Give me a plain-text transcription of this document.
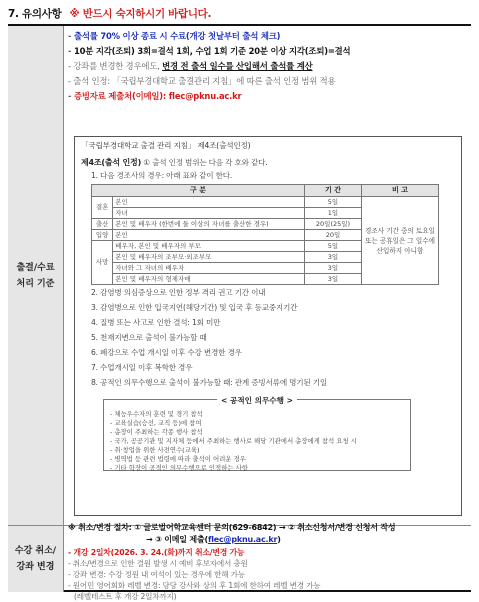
7. 유의사항 ※ 반드시 숙지하시기 바랍니다.
출결/수료
처리 기준
- 출석률 70% 이상 종료 시 수료(개강 첫날부터 출석 체크)
- 10분 지각(조퇴) 3회=결석 1회, 수업 1회 기준 20분 이상 지각(조퇴)=결석
- 강좌를 변경한 경우에도, 변경 전 출석 일수를 산입해서 출석률 계산
- 출석 인정: 「국립부경대학교 출결관리 지침」에 따른 출석 인정 범위 적용
- 증빙자료 제출처(이메일): flec@pknu.ac.kr
「국립부경대학교 출결 관리 지침」 제4조(출석인정)
제4조(출석 인정) ① 출석 인정 범위는 다음 각 호와 같다.
1. 다음 경조사의 경우: 아래 표와 같이 한다.
구 분		기 간	비 고
결혼	본인	5일	경조사 기간 중의 토요일 또는 공휴일은 그 일수에 산입하지 아니함
	자녀	1일	
출산	본인 및 배우자 (한번에 둘 이상의 자녀를 출산한 경우)	20일(25일)	
입양	본인	20일	
사망	배우자, 본인 및 배우자의 부모	5일	
	본인 및 배우자의 조부모·외조부모	3일	
	자녀와 그 자녀의 배우자	3일	
	본인 및 배우자의 형제자매	3일	
2. 감염병 의심증상으로 인한 정부 격리 권고 기간 이내
3. 감염병으로 인한 입국지연(해당기간) 및 입국 후 등교중지기간
4. 질병 또는 사고로 인한 결석: 1회 미만
5. 천재지변으로 출석이 불가능할 때
6. 폐강으로 수업 개시일 이후 수강 변경한 경우
7. 수업개시일 이후 복학한 경우
8. 공적인 의무수행으로 출석이 불가능할 때: 관계 증빙서류에 명기된 기일
< 공적인 의무수행 >
- 체능우수자의 훈련 및 경기 참석
- 교육실습(승선, 교직 등)에 참여
- 총장이 주최하는 각종 행사 참석
- 국가, 공공기관 및 지자체 등에서 주최하는 행사로 해당 기관에서 총장에게 참석 요청 시
- 취·창업을 위한 사전연수(교육)
- 병역법 등 관련 법령에 따라 출석이 어려운 경우
- 기타 학장이 공적인 의무수행으로 인정하는 사항
수강 취소/
강좌 변경
※ 취소/변경 절차: ① 글로벌어학교육센터 문의(629-6842) → ② 취소신청서/변경 신청서 작성
→ ③ 이메일 제출(flec@pknu.ac.kr)
- 개강 2일차(2026. 3. 24.(화)까지 취소/변경 가능
- 취소/변경으로 인한 결원 발생 시 예비 후보자에서 충원
- 강좌 변경: 수강 정원 내 여석이 있는 경우에 한해 가능
- 원어민 영어회화 레벨 변경: 담당 강사와 상의 후 1회에 한하여 레벨 변경 가능
(레벨테스트 후 개강 2일차까지)
